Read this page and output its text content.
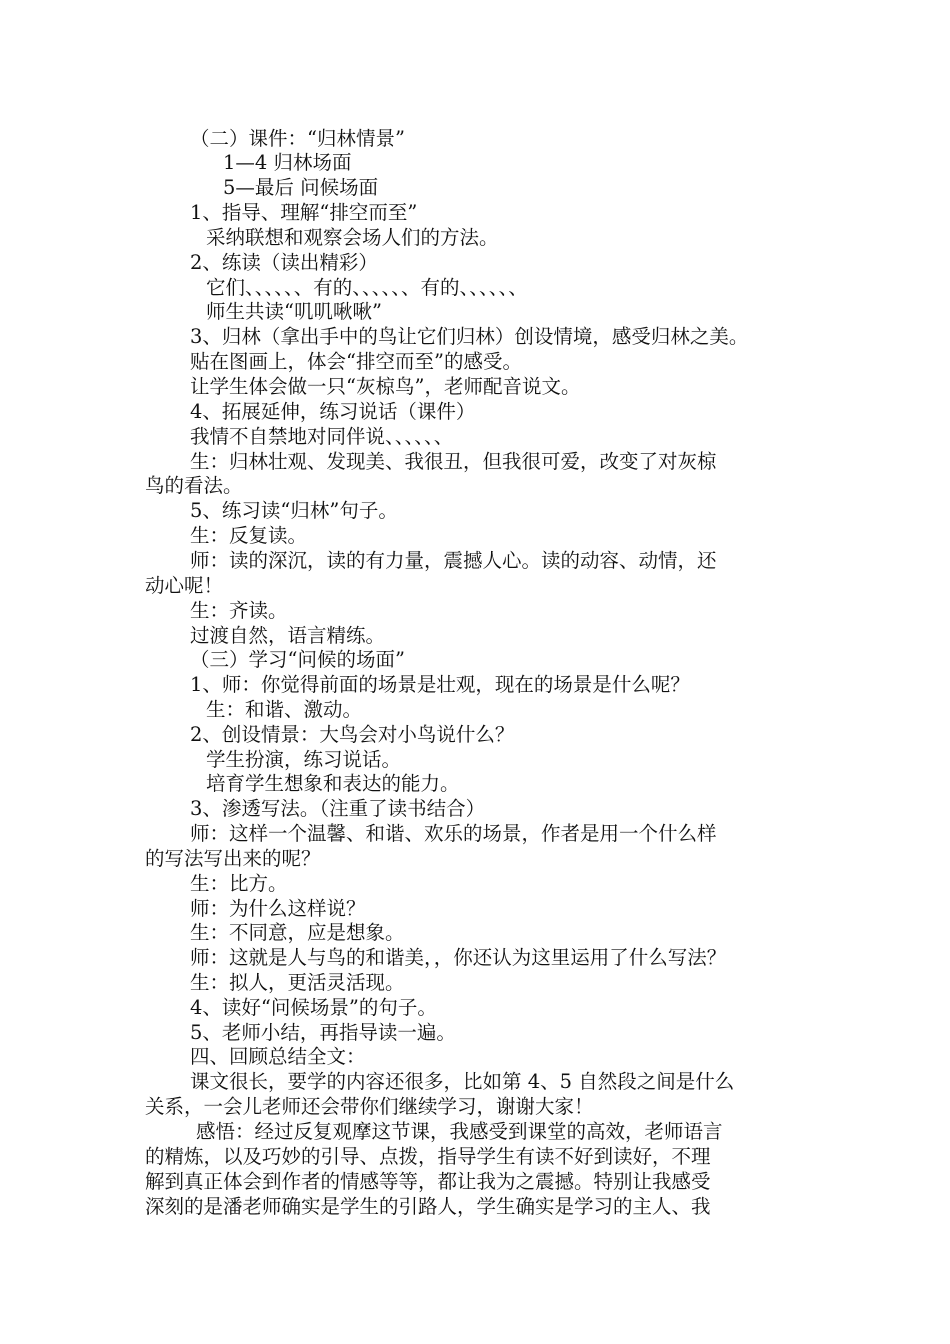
（二）课件：“归林情景”
1—4 归林场面
5—最后 问候场面
1、指导、理解“排空而至”
采纳联想和观察会场人们的方法。
2、练读（读出精彩）
它们、、、、、、有的、、、、、、有的、、、、、、
师生共读“叽叽啾啾”
3、归林（拿出手中的鸟让它们归林）创设情境，感受归林之美。
贴在图画上，体会“排空而至”的感受。
让学生体会做一只“灰椋鸟”，老师配音说文。
4、拓展延伸，练习说话（课件）
我情不自禁地对同伴说、、、、、、
生：归林壮观、发现美、我很丑，但我很可爱，改变了对灰椋
鸟的看法。
5、练习读“归林”句子。
生：反复读。
师：读的深沉，读的有力量，震撼人心。读的动容、动情，还
动心呢！
生：齐读。
过渡自然，语言精练。
（三）学习“问候的场面”
1、师：你觉得前面的场景是壮观，现在的场景是什么呢？
生：和谐、激动。
2、创设情景：大鸟会对小鸟说什么？
学生扮演，练习说话。
培育学生想象和表达的能力。
3、渗透写法。（注重了读书结合）
师：这样一个温馨、和谐、欢乐的场景，作者是用一个什么样
的写法写出来的呢？
生：比方。
师：为什么这样说？
生：不同意，应是想象。
师：这就是人与鸟的和谐美，，你还认为这里运用了什么写法？
生：拟人，更活灵活现。
4、读好“问候场景”的句子。
5、老师小结，再指导读一遍。
四、回顾总结全文：
课文很长，要学的内容还很多，比如第 4、5 自然段之间是什么
关系，一会儿老师还会带你们继续学习，谢谢大家！
感悟：经过反复观摩这节课，我感受到课堂的高效，老师语言
的精炼，以及巧妙的引导、点拨，指导学生有读不好到读好，不理
解到真正体会到作者的情感等等，都让我为之震撼。特别让我感受
深刻的是潘老师确实是学生的引路人，学生确实是学习的主人、我
